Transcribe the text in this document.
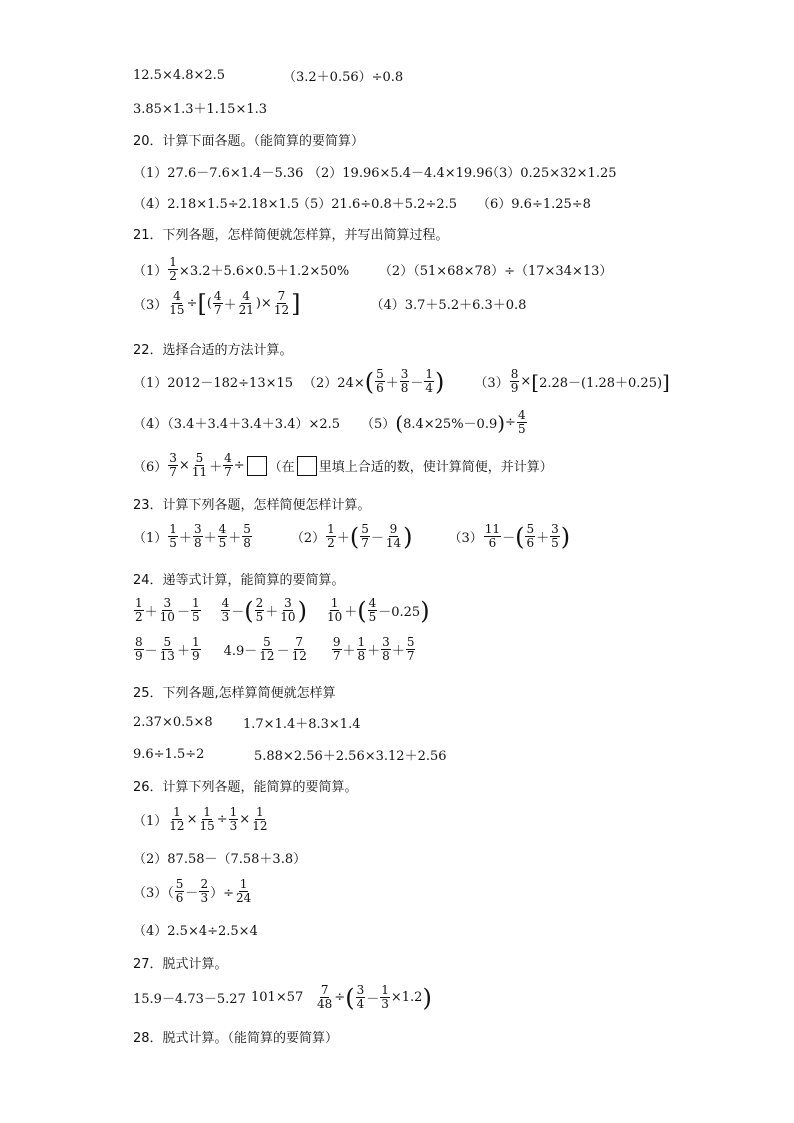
12.5×4.8×2.5	（3.2＋0.56）÷0.8
3.85×1.3＋1.15×1.3
20．计算下面各题。（能简算的要简算）
（1）27.6－7.6×1.4－5.36 （2）19.96×5.4－4.4×19.96
（3）0.25×32×1.25
（4）2.18×1.5÷2.18×1.5
（5）21.6÷0.8＋5.2÷2.5	（6）9.6÷1.25÷8
21．下列各题，怎样简便就怎样算，并写出简算过程。
$(1) \frac{1}{2} \times 3.2+5.6\times 0.5+1.2\times 50\%$	（2）（51×68×78）÷（17×34×13）
$(3) \frac{4}{15}$ ÷ [ ( $\frac{4}{7} + \frac{4}{21}$ )× $\frac{7}{12}$ ]	（4）3.7＋5.2＋6.3＋0.8
22．选择合适的方法计算。
（1）2012－182÷13×15 （2）24× ( $\frac{5}{6} + \frac{3}{8} - \frac{1}{4}$ ) $(3) \frac{8}{9}$ × [ 2.28－(1.28＋0.25) ]
（4）（3.4＋3.4＋3.4＋3.4）×2.5	（5） ( 8.4×25%－0.9 ) ÷ $\frac{4}{5}$
$(6) \frac{3}{7} \times \frac{5}{11} + \frac{4}{7}$ ÷ （在 里填上合适的数，使计算简便，并计算）
23．计算下列各题，怎样简便怎样计算。
$(1) \frac{1}{5} + \frac{3}{8} + \frac{4}{5} + \frac{5}{8}$	$(2) \frac{1}{2}$ ＋ ( $\frac{5}{7} - \frac{9}{14}$ )	$(3) \frac{11}{6}$ － ( $\frac{5}{6} + \frac{3}{5}$ )
24．递等式计算，能简算的要简算。
$\frac{1}{2} + \frac{3}{10} - \frac{1}{5} \frac{4}{3}$ － ( $\frac{2}{5} + \frac{3}{10}$ ) $\frac{1}{10}$ ＋ ( $\frac{4}{5} -0.25$ )
$\frac{8}{9} - \frac{5}{13} + \frac{1}{9} 4.9- \frac{5}{12} - \frac{7}{12} \frac{9}{7} + \frac{1}{8} + \frac{3}{8} + \frac{5}{7}$
25．下列各题,怎样算简便就怎样算
2.37×0.5×8	1.7×1.4＋8.3×1.4
9.6÷1.5÷2	5.88×2.56＋2.56×3.12＋2.56
26．计算下列各题，能简算的要简算。
$(1) \frac{1}{12} \times \frac{1}{15} \div \frac{1}{3} \times \frac{1}{12}$
（2）87.58－（7.58＋3.8）
$(3)( \frac{5}{6} - \frac{2}{3}$ ）÷ $\frac{1}{24}$
（4）2.5×4÷2.5×4
27．脱式计算。
15.9－4.73－5.27 101×57	$\frac{7}{48}$ ÷ ( $\frac{3}{4} - \frac{1}{3} \times 1.2$ )
28．脱式计算。（能简算的要简算）
